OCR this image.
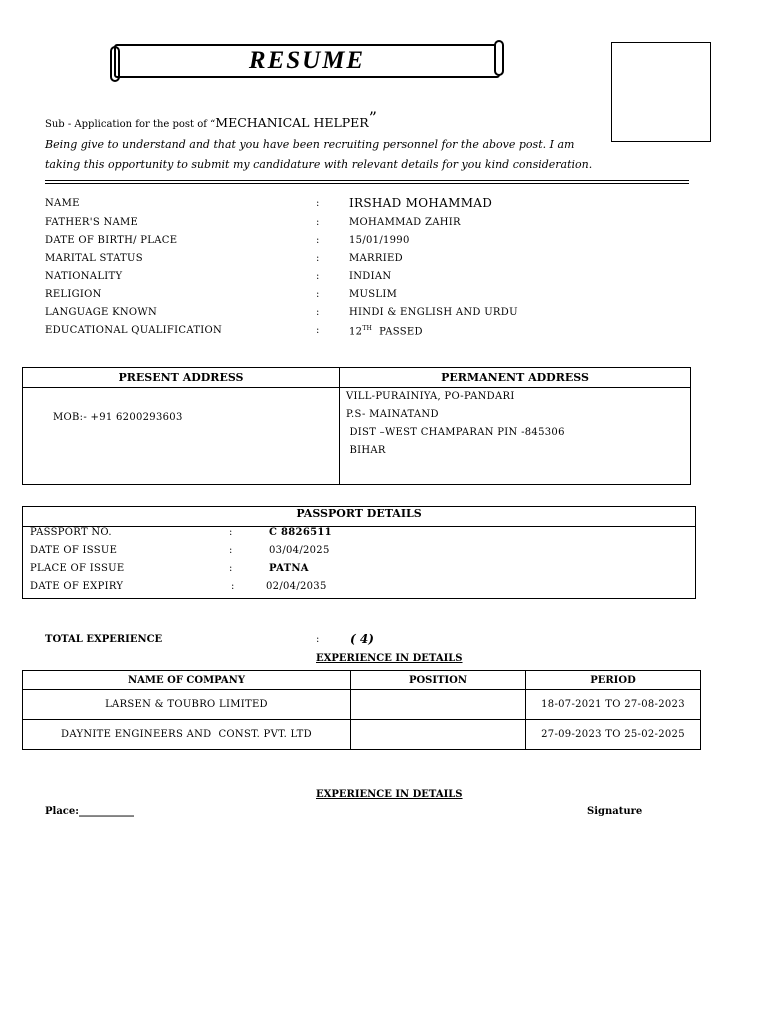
RESUME
Sub - Application for the post of “MECHANICAL HELPER”
Being give to understand and that you have been recruiting personnel for the above post. I am
taking this opportunity to submit my candidature with relevant details for you kind consideration.
NAME	: IRSHAD MOHAMMAD
FATHER'S NAME	:	MOHAMMAD ZAHIR
DATE OF BIRTH/ PLACE	:	15/01/1990
MARITAL STATUS	:	MARRIED
NATIONALITY	:	INDIAN
RELIGION	:	MUSLIM
LANGUAGE KNOWN	:	HINDI & ENGLISH AND URDU
EDUCATIONAL QUALIFICATION	:	12TH PASSED
PRESENT ADDRESS	PERMANENT ADDRESS
MOB:- +91 6200293603	VILL-PURAINIYA, PO-PANDARI
P.S- MAINATAND
DIST –WEST CHAMPARAN PIN -845306
BIHAR
PASSPORT DETAILS
PASSPORT NO.	:	C 8826511
DATE OF ISSUE	:	03/04/2025
PLACE OF ISSUE	:	PATNA
DATE OF EXPIRY	:	02/04/2035
TOTAL EXPERIENCE	:	( 4)
EXPERIENCE IN DETAILS
NAME OF COMPANY	POSITION	PERIOD
LARSEN & TOUBRO LIMITED		18-07-2021 TO 27-08-2023
DAYNITE ENGINEERS AND  CONST. PVT. LTD		27-09-2023 TO 25-02-2025
EXPERIENCE IN DETAILS
Place:___________	Signature
